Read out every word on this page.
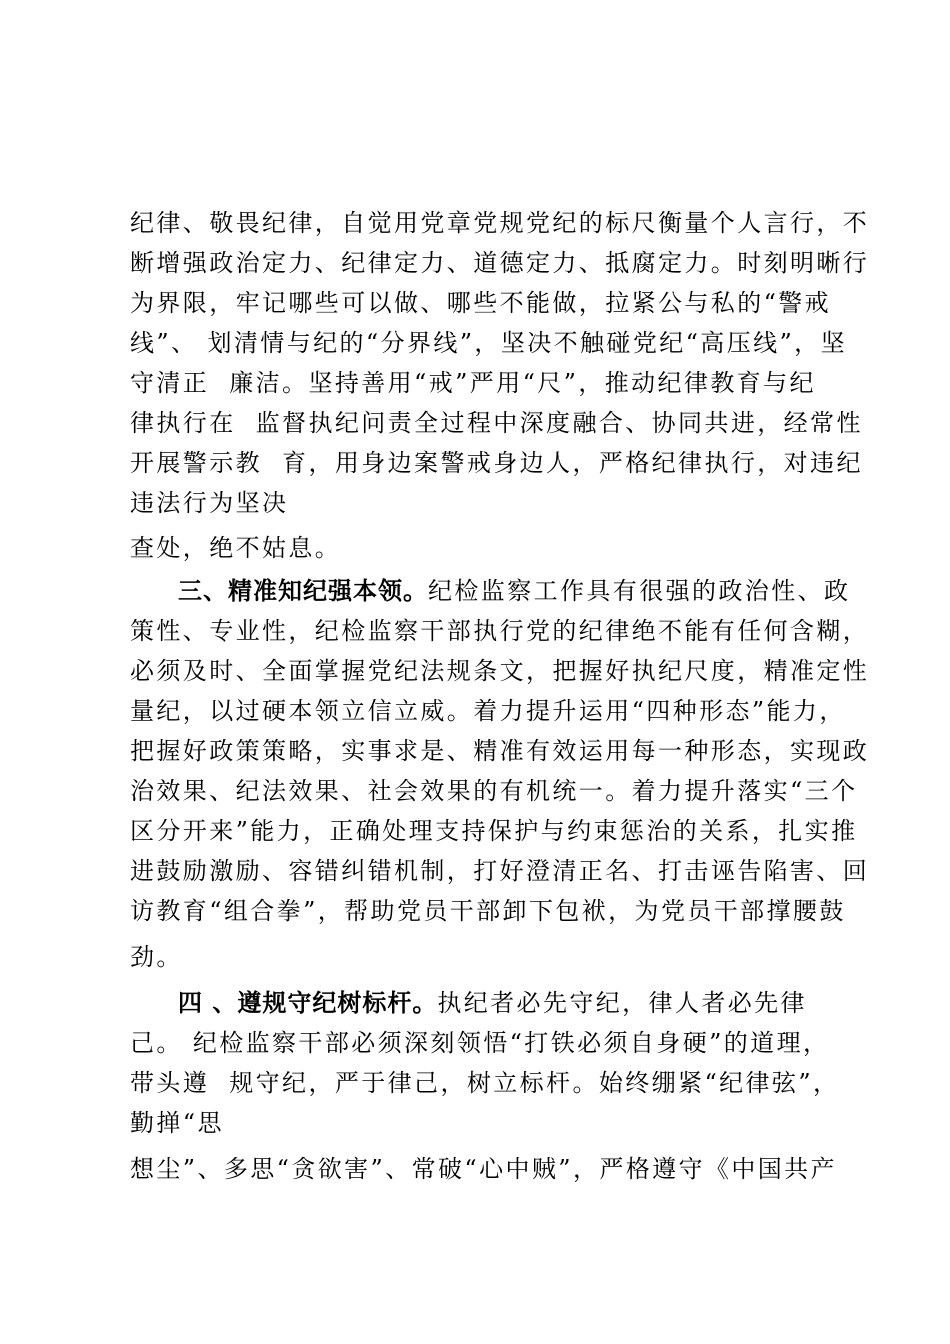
纪律、敬畏纪律，自觉用党章党规党纪的标尺衡量个人言行，不
断增强政治定力、纪律定力、道德定力、抵腐定力。时刻明晰行
为界限，牢记哪些可以做、哪些不能做，拉紧公与私的“警戒
线”、 划清情与纪的“分界线”，坚决不触碰党纪“高压线”，坚
守清正  廉洁。坚持善用“戒”严用“尺”，推动纪律教育与纪
律执行在  监督执纪问责全过程中深度融合、协同共进，经常性
开展警示教  育，用身边案警戒身边人，严格纪律执行，对违纪
违法行为坚决
查处，绝不姑息。
三、精准知纪强本领。纪检监察工作具有很强的政治性、政
策性、专业性，纪检监察干部执行党的纪律绝不能有任何含糊，
必须及时、全面掌握党纪法规条文，把握好执纪尺度，精准定性
量纪，以过硬本领立信立威。着力提升运用“四种形态”能力，
把握好政策策略，实事求是、精准有效运用每一种形态，实现政
治效果、纪法效果、社会效果的有机统一。着力提升落实“三个
区分开来”能力，正确处理支持保护与约束惩治的关系，扎实推
进鼓励激励、容错纠错机制，打好澄清正名、打击诬告陷害、回
访教育“组合拳”，帮助党员干部卸下包袱，为党员干部撑腰鼓
劲。
四 、遵规守纪树标杆。执纪者必先守纪，律人者必先律
己。 纪检监察干部必须深刻领悟“打铁必须自身硬”的道理，
带头遵  规守纪，严于律己，树立标杆。始终绷紧“纪律弦”，
勤掸“思
想尘”、多思“贪欲害”、常破“心中贼”，严格遵守《中国共产
